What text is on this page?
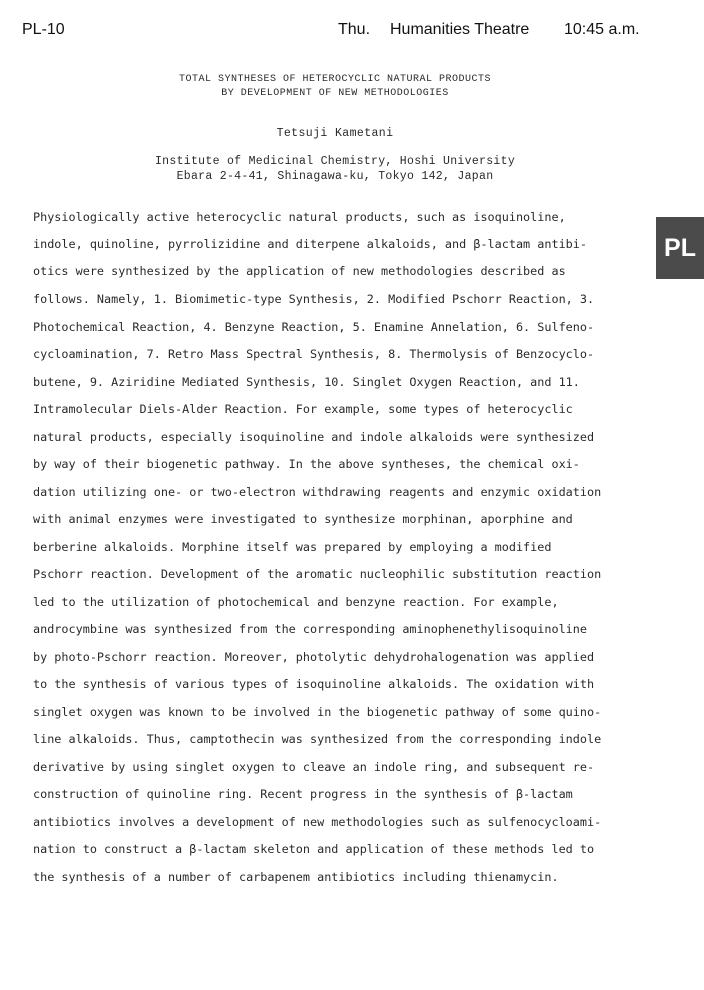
PL-10	Thu. Humanities Theatre 10:45 a.m.
TOTAL SYNTHESES OF HETEROCYCLIC NATURAL PRODUCTS
BY DEVELOPMENT OF NEW METHODOLOGIES
Tetsuji Kametani
Institute of Medicinal Chemistry, Hoshi University
Ebara 2-4-41, Shinagawa-ku, Tokyo 142, Japan
Physiologically active heterocyclic natural products, such as isoquinoline,
indole, quinoline, pyrrolizidine and diterpene alkaloids, and β-lactam antibi-
otics were synthesized by the application of new methodologies described as
follows. Namely, 1. Biomimetic-type Synthesis, 2. Modified Pschorr Reaction, 3.
Photochemical Reaction, 4. Benzyne Reaction, 5. Enamine Annelation, 6. Sulfeno-
cycloamination, 7. Retro Mass Spectral Synthesis, 8. Thermolysis of Benzocyclo-
butene, 9. Aziridine Mediated Synthesis, 10. Singlet Oxygen Reaction, and 11.
Intramolecular Diels-Alder Reaction. For example, some types of heterocyclic
natural products, especially isoquinoline and indole alkaloids were synthesized
by way of their biogenetic pathway. In the above syntheses, the chemical oxi-
dation utilizing one- or two-electron withdrawing reagents and enzymic oxidation
with animal enzymes were investigated to synthesize morphinan, aporphine and
berberine alkaloids. Morphine itself was prepared by employing a modified
Pschorr reaction. Development of the aromatic nucleophilic substitution reaction
led to the utilization of photochemical and benzyne reaction. For example,
androcymbine was synthesized from the corresponding aminophenethylisoquinoline
by photo-Pschorr reaction. Moreover, photolytic dehydrohalogenation was applied
to the synthesis of various types of isoquinoline alkaloids. The oxidation with
singlet oxygen was known to be involved in the biogenetic pathway of some quino-
line alkaloids. Thus, camptothecin was synthesized from the corresponding indole
derivative by using singlet oxygen to cleave an indole ring, and subsequent re-
construction of quinoline ring. Recent progress in the synthesis of β-lactam
antibiotics involves a development of new methodologies such as sulfenocycloami-
nation to construct a β-lactam skeleton and application of these methods led to
the synthesis of a number of carbapenem antibiotics including thienamycin.
PL
